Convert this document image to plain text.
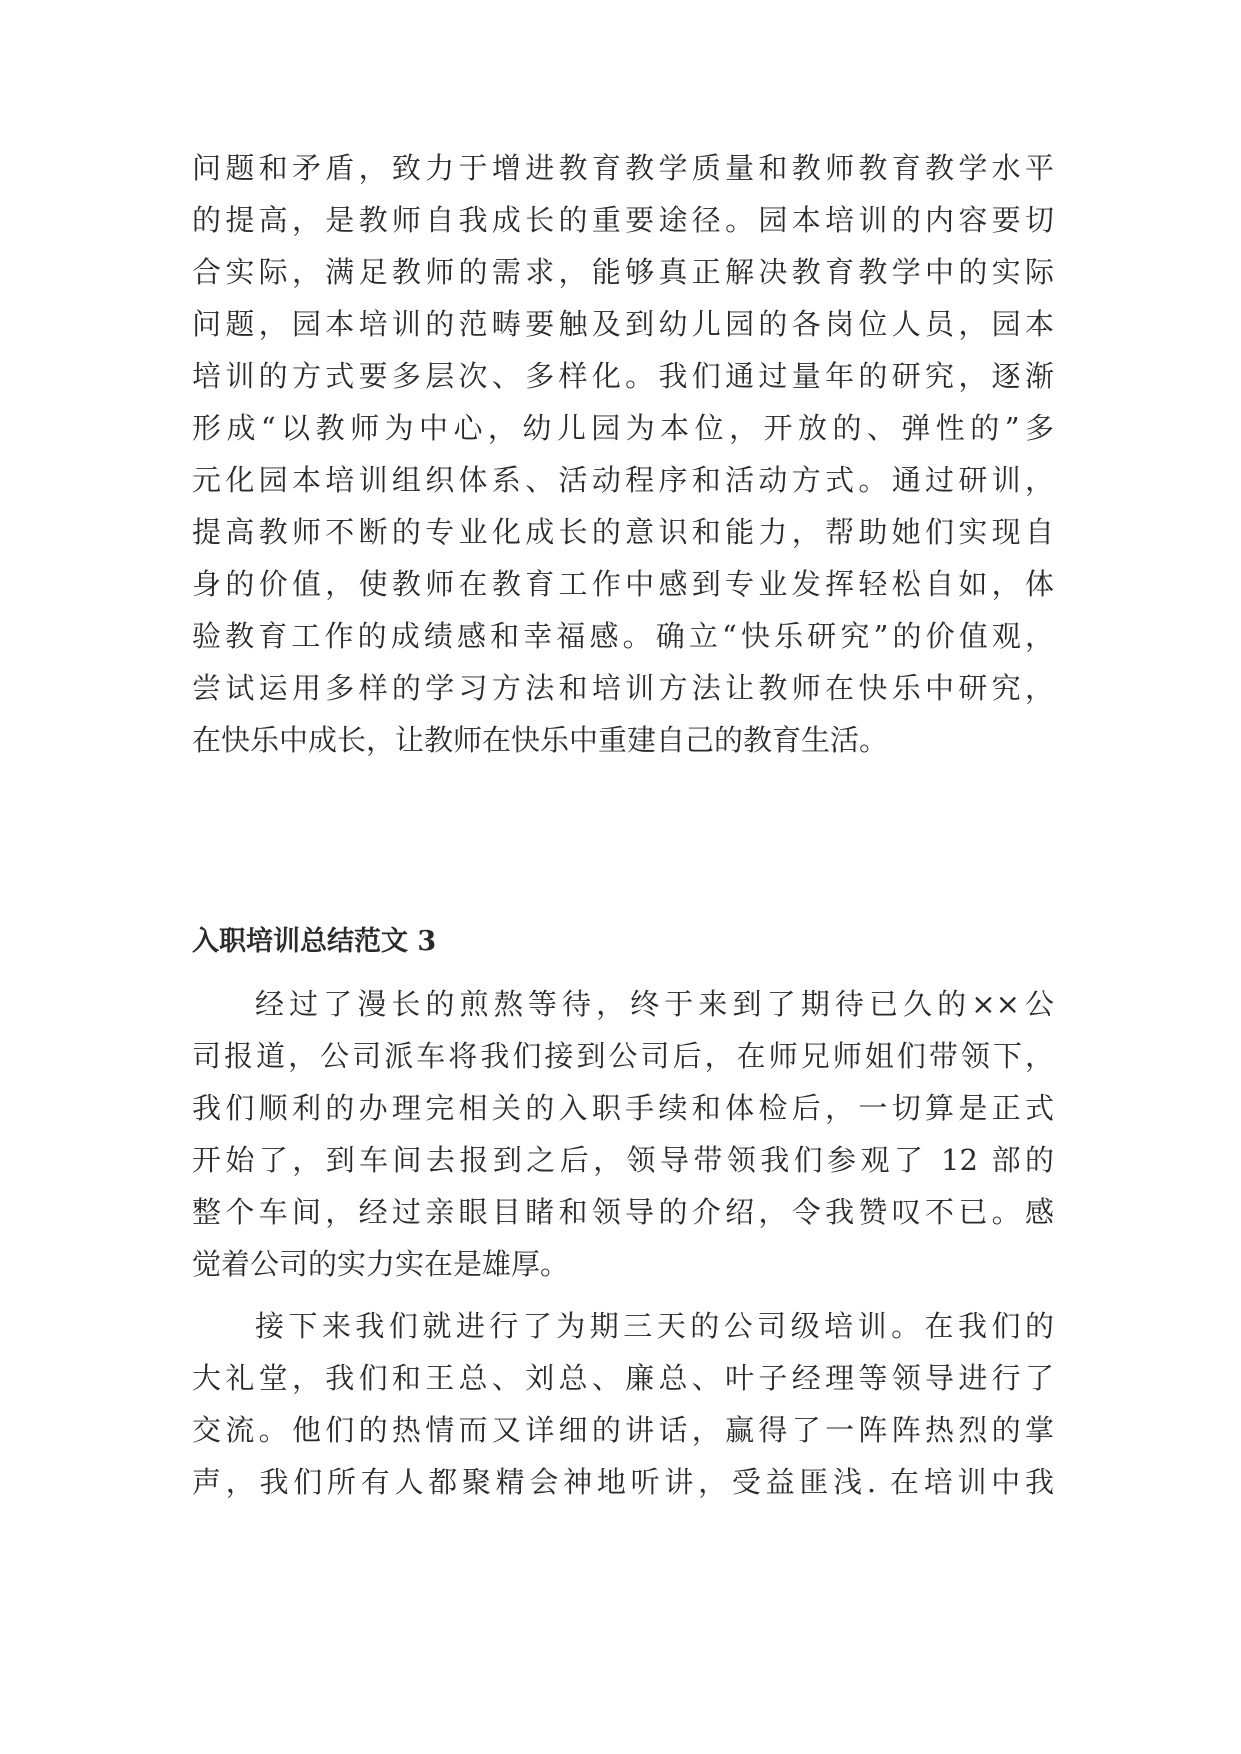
问题和矛盾，致力于增进教育教学质量和教师教育教学水平

的提高，是教师自我成长的重要途径。园本培训的内容要切

合实际，满足教师的需求，能够真正解决教育教学中的实际

问题，园本培训的范畴要触及到幼儿园的各岗位人员，园本

培训的方式要多层次、多样化。我们通过量年的研究，逐渐

形成“以教师为中心，幼儿园为本位，开放的、弹性的”多

元化园本培训组织体系、活动程序和活动方式。通过研训，

提高教师不断的专业化成长的意识和能力，帮助她们实现自

身的价值，使教师在教育工作中感到专业发挥轻松自如，体

验教育工作的成绩感和幸福感。确立“快乐研究”的价值观，

尝试运用多样的学习方法和培训方法让教师在快乐中研究，

在快乐中成长，让教师在快乐中重建自己的教育生活。

入职培训总结范文 3

经过了漫长的煎熬等待，终于来到了期待已久的××公

司报道，公司派车将我们接到公司后，在师兄师姐们带领下，

我们顺利的办理完相关的入职手续和体检后，一切算是正式

开始了，到车间去报到之后，领导带领我们参观了 12 部的

整个车间，经过亲眼目睹和领导的介绍，令我赞叹不已。感

觉着公司的实力实在是雄厚。

接下来我们就进行了为期三天的公司级培训。在我们的

大礼堂，我们和王总、刘总、廉总、叶子经理等领导进行了

交流。他们的热情而又详细的讲话，赢得了一阵阵热烈的掌

声，我们所有人都聚精会神地听讲，受益匪浅. 在培训中我
